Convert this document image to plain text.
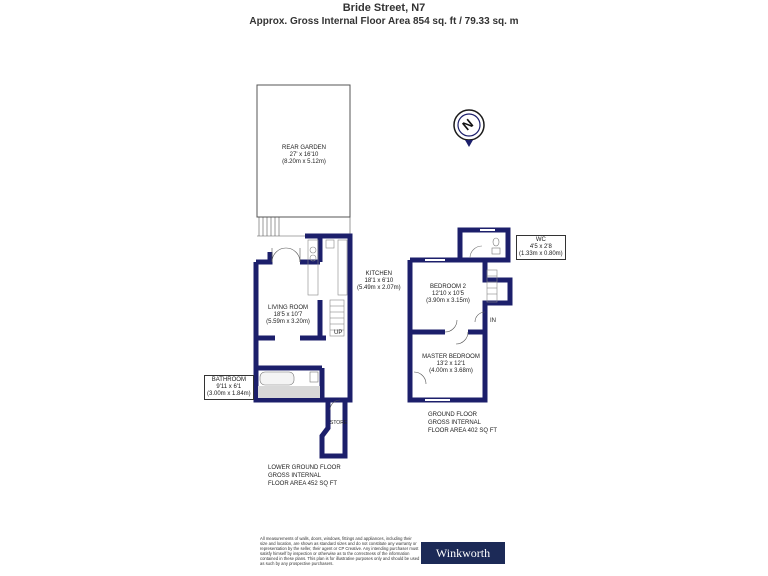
Bride Street, N7
Approx. Gross Internal Floor Area 854 sq. ft / 79.33 sq. m
N
REAR GARDEN
27' x 16'10
(8.20m x 5.12m)
LIVING ROOM
18'5 x 10'7
(5.59m x 3.20m)
KITCHEN
18'1 x 6'10
(5.49m x 2.07m)
BATHROOM
9'11 x 6'1
(3.00m x 1.84m)
STORE
UP
LOWER GROUND FLOOR
GROSS INTERNAL
FLOOR AREA 452 SQ FT
WC
4'5 x 2'8
(1.33m x 0.80m)
BEDROOM 2
12'10 x 10'5
(3.90m x 3.15m)
MASTER BEDROOM
13'2 x 12'1
(4.00m x 3.68m)
IN
GROUND FLOOR
GROSS INTERNAL
FLOOR AREA 402 SQ FT
All measurements of walls, doors, windows, fittings and appliances, including their size and location, are shown as standard sizes and do not constitute any warranty or representation by the seller, their agent or CP Creative. Any intending purchaser must satisfy himself by inspection or otherwise as to the correctness of the information contained in these plans. This plan is for illustrative purposes only and should be used as such by any prospective purchasers.
Winkworth
